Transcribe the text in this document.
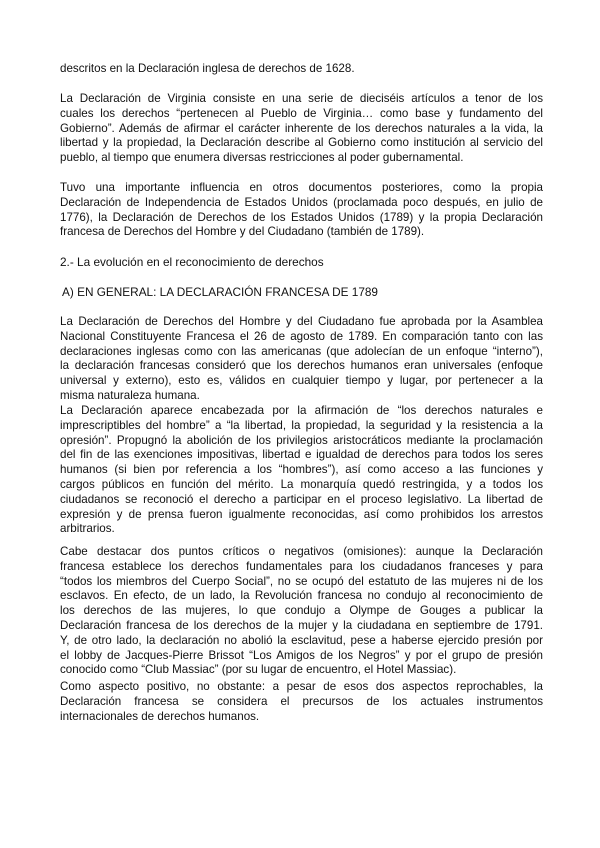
descritos en la Declaración inglesa de derechos de 1628.

La Declaración de Virginia consiste en una serie de dieciséis artículos a tenor de los
cuales los derechos “pertenecen al Pueblo de Virginia… como base y fundamento del
Gobierno”. Además de afirmar el carácter inherente de los derechos naturales a la vida, la
libertad y la propiedad, la Declaración describe al Gobierno como institución al servicio del
pueblo, al tiempo que enumera diversas restricciones al poder gubernamental.

Tuvo una importante influencia en otros documentos posteriores, como la propia
Declaración de Independencia de Estados Unidos (proclamada poco después, en julio de
1776), la Declaración de Derechos de los Estados Unidos (1789) y la propia Declaración
francesa de Derechos del Hombre y del Ciudadano (también de 1789).

2.- La evolución en el reconocimiento de derechos

A) EN GENERAL: LA DECLARACIÓN FRANCESA DE 1789

La Declaración de Derechos del Hombre y del Ciudadano fue aprobada por la Asamblea
Nacional Constituyente Francesa el 26 de agosto de 1789. En comparación tanto con las
declaraciones inglesas como con las americanas (que adolecían de un enfoque “interno”),
la declaración francesas consideró que los derechos humanos eran universales (enfoque
universal y externo), esto es, válidos en cualquier tiempo y lugar, por pertenecer a la
misma naturaleza humana.

La Declaración aparece encabezada por la afirmación de “los derechos naturales e
imprescriptibles del hombre” a “la libertad, la propiedad, la seguridad y la resistencia a la
opresión”. Propugnó la abolición de los privilegios aristocráticos mediante la proclamación
del fin de las exenciones impositivas, libertad e igualdad de derechos para todos los seres
humanos (si bien por referencia a los “hombres”), así como acceso a las funciones y
cargos públicos en función del mérito. La monarquía quedó restringida, y a todos los
ciudadanos se reconoció el derecho a participar en el proceso legislativo. La libertad de
expresión y de prensa fueron igualmente reconocidas, así como prohibidos los arrestos
arbitrarios.

Cabe destacar dos puntos críticos o negativos (omisiones): aunque la Declaración
francesa establece los derechos fundamentales para los ciudadanos franceses y para
“todos los miembros del Cuerpo Social”, no se ocupó del estatuto de las mujeres ni de los
esclavos. En efecto, de un lado, la Revolución francesa no condujo al reconocimiento de
los derechos de las mujeres, lo que condujo a Olympe de Gouges a publicar la
Declaración francesa de los derechos de la mujer y la ciudadana en septiembre de 1791.
Y, de otro lado, la declaración no abolió la esclavitud, pese a haberse ejercido presión por
el lobby de Jacques-Pierre Brissot “Los Amigos de los Negros” y por el grupo de presión
conocido como “Club Massiac” (por su lugar de encuentro, el Hotel Massiac).

Como aspecto positivo, no obstante: a pesar de esos dos aspectos reprochables, la
Declaración francesa se considera el precursos de los actuales instrumentos
internacionales de derechos humanos.
